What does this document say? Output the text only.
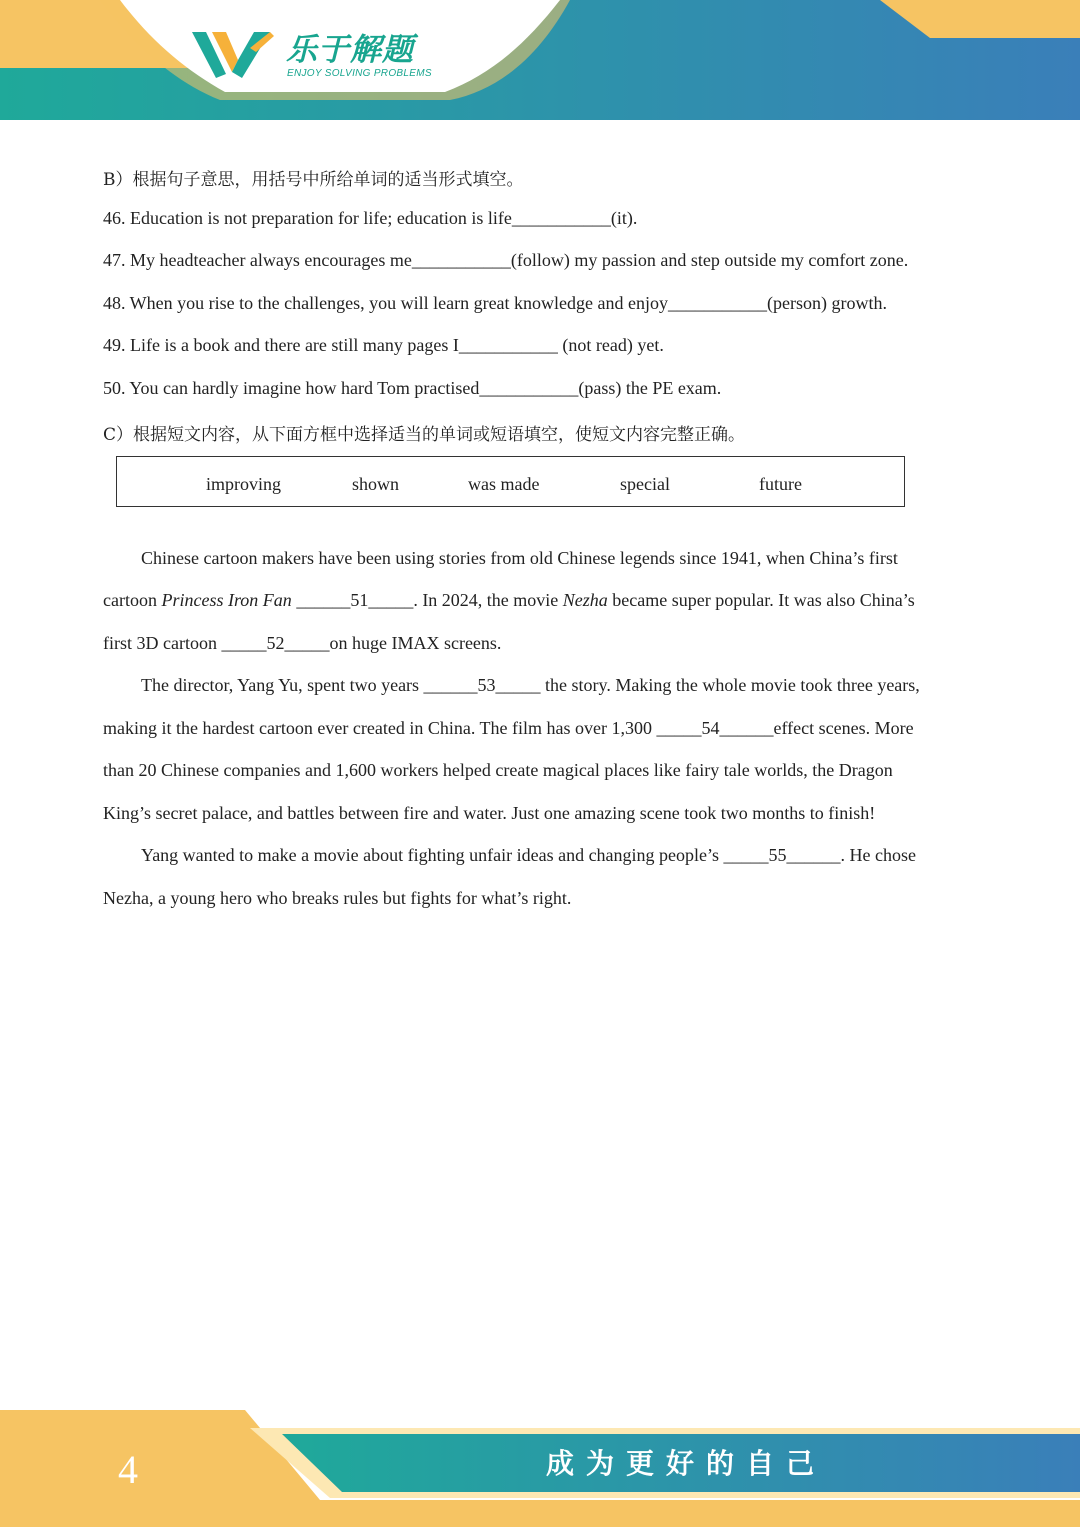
乐于解题
ENJOY SOLVING PROBLEMS
B）根据句子意思，用括号中所给单词的适当形式填空。
46. Education is not preparation for life; education is life___________(it).
47. My headteacher always encourages me___________(follow) my passion and step outside my comfort zone.
48. When you rise to the challenges, you will learn great knowledge and enjoy___________(person) growth.
49. Life is a book and there are still many pages I___________ (not read) yet.
50. You can hardly imagine how hard Tom practised___________(pass) the PE exam.
C）根据短文内容，从下面方框中选择适当的单词或短语填空，使短文内容完整正确。
improving	shown	was made	special	future
Chinese cartoon makers have been using stories from old Chinese legends since 1941, when China’s first
cartoon Princess Iron Fan ______51_____. In 2024, the movie Nezha became super popular. It was also China’s
first 3D cartoon _____52_____on huge IMAX screens.
The director, Yang Yu, spent two years ______53_____ the story. Making the whole movie took three years,
making it the hardest cartoon ever created in China. The film has over 1,300 _____54______effect scenes. More
than 20 Chinese companies and 1,600 workers helped create magical places like fairy tale worlds, the Dragon
King’s secret palace, and battles between fire and water. Just one amazing scene took two months to finish!
Yang wanted to make a movie about fighting unfair ideas and changing people’s _____55______. He chose
Nezha, a young hero who breaks rules but fights for what’s right.
4	成为更好的自己
